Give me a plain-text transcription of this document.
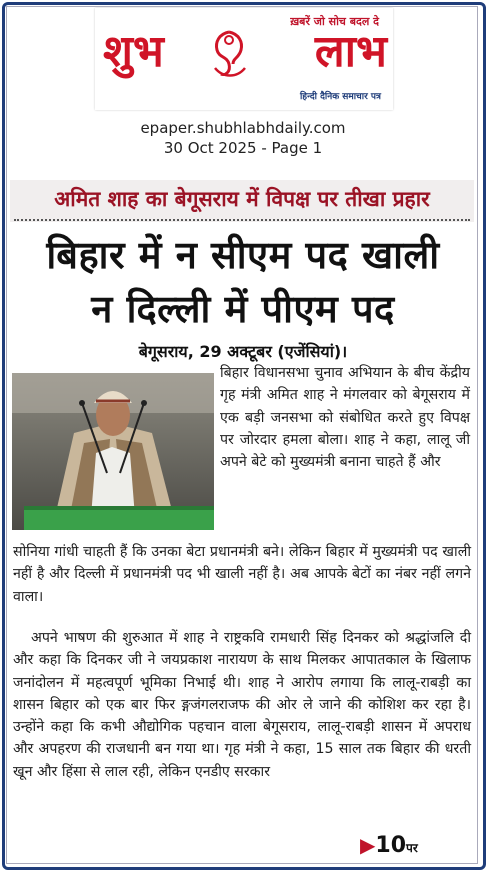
ख़बरें जो सोच बदल दे
शुभ	लाभ
हिन्दी दैनिक समाचार पत्र
epaper.shubhlabhdaily.com
30 Oct 2025 - Page 1
अमित शाह का बेगूसराय में विपक्ष पर तीखा प्रहार
बिहार में न सीएम पद खाली
न दिल्ली में पीएम पद
बेगूसराय, 29 अक्टूबर (एजेंसियां)।
बिहार विधानसभा चुनाव अभियान के बीच केंद्रीय गृह मंत्री अमित शाह ने मंगलवार को बेगूसराय में एक बड़ी जनसभा को संबोधित करते हुए विपक्ष पर जोरदार हमला बोला। शाह ने कहा, लालू जी अपने बेटे को मुख्यमंत्री बनाना चाहते हैं और
सोनिया गांधी चाहती हैं कि उनका बेटा प्रधानमंत्री बने। लेकिन बिहार में मुख्यमंत्री पद खाली नहीं है और दिल्ली में प्रधानमंत्री पद भी खाली नहीं है। अब आपके बेटों का नंबर नहीं लगने वाला।
अपने भाषण की शुरुआत में शाह ने राष्ट्रकवि रामधारी सिंह दिनकर को श्रद्धांजलि दी और कहा कि दिनकर जी ने जयप्रकाश नारायण के साथ मिलकर आपातकाल के खिलाफ जनांदोलन में महत्वपूर्ण भूमिका निभाई थी। शाह ने आरोप लगाया कि लालू-राबड़ी का शासन बिहार को एक बार फिर ङ्गजंगलराजफ की ओर ले जाने की कोशिश कर रहा है। उन्होंने कहा कि कभी औद्योगिक पहचान वाला बेगूसराय, लालू-राबड़ी शासन में अपराध और अपहरण की राजधानी बन गया था। गृह मंत्री ने कहा, 15 साल तक बिहार की धरती खून और हिंसा से लाल रही, लेकिन एनडीए सरकार
▶10पर
